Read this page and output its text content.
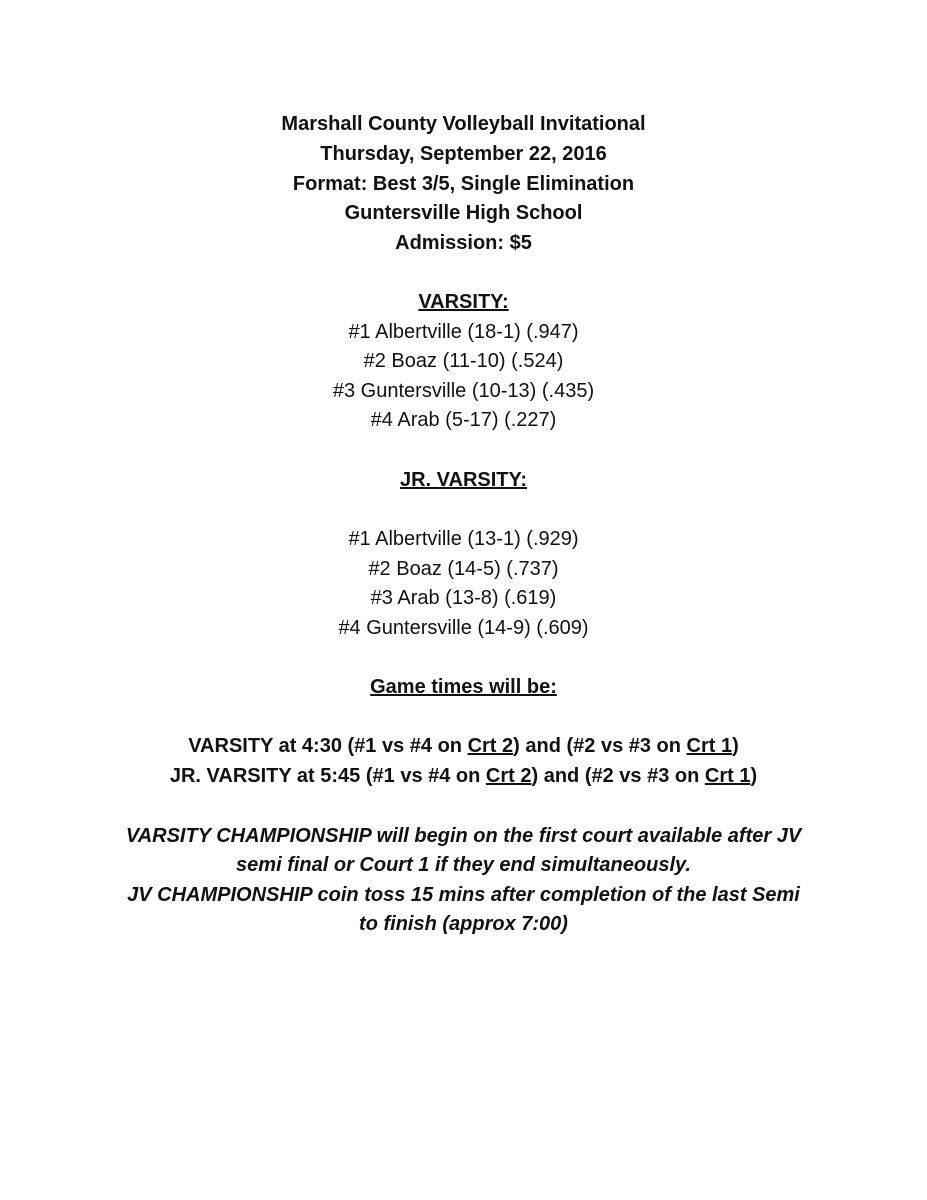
Marshall County Volleyball Invitational
Thursday, September 22, 2016
Format: Best 3/5, Single Elimination
Guntersville High School
Admission: $5
VARSITY:
#1 Albertville (18-1) (.947)
#2 Boaz (11-10) (.524)
#3 Guntersville (10-13) (.435)
#4 Arab (5-17) (.227)
JR. VARSITY:
#1 Albertville (13-1) (.929)
#2 Boaz (14-5) (.737)
#3 Arab (13-8) (.619)
#4 Guntersville (14-9) (.609)
Game times will be:
VARSITY at 4:30 (#1 vs #4 on Crt 2) and (#2 vs #3 on Crt 1)
JR. VARSITY at 5:45 (#1 vs #4 on Crt 2) and (#2 vs #3 on Crt 1)
VARSITY CHAMPIONSHIP will begin on the first court available after JV
semi final or Court 1 if they end simultaneously.
JV CHAMPIONSHIP coin toss 15 mins after completion of the last Semi
to finish (approx 7:00)
